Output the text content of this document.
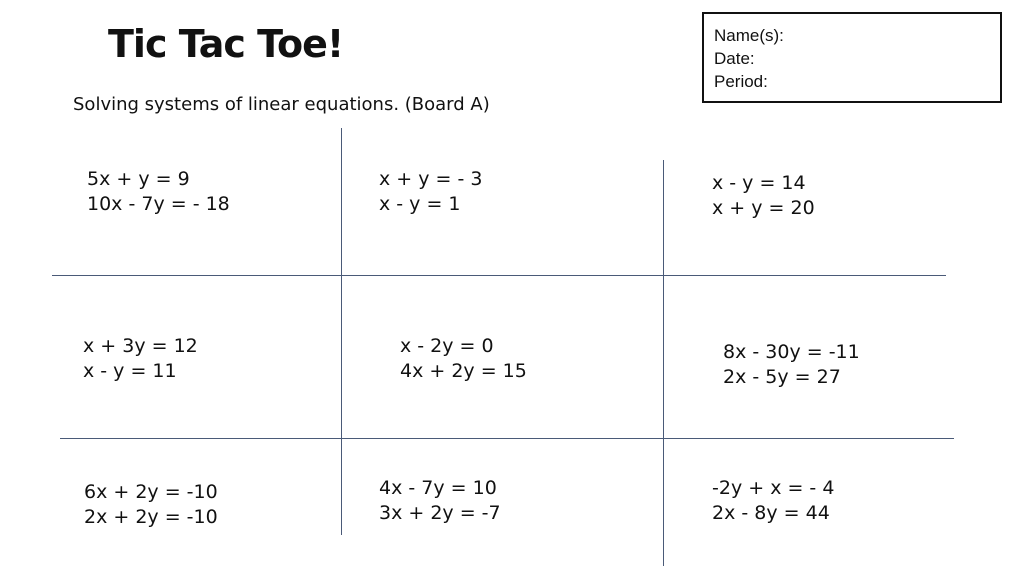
Tic Tac Toe!

Solving systems of linear equations. (Board A)

Name(s):
Date:
Period:
5x + y = 9
10x - 7y = - 18
x + y = - 3
x - y = 1
x - y = 14
x + y = 20
x + 3y = 12
x - y = 11
x - 2y = 0
4x + 2y = 15
8x - 30y = -11
2x - 5y = 27
6x + 2y = -10
2x + 2y = -10
4x - 7y = 10
3x + 2y = -7
-2y + x = - 4
2x - 8y = 44
